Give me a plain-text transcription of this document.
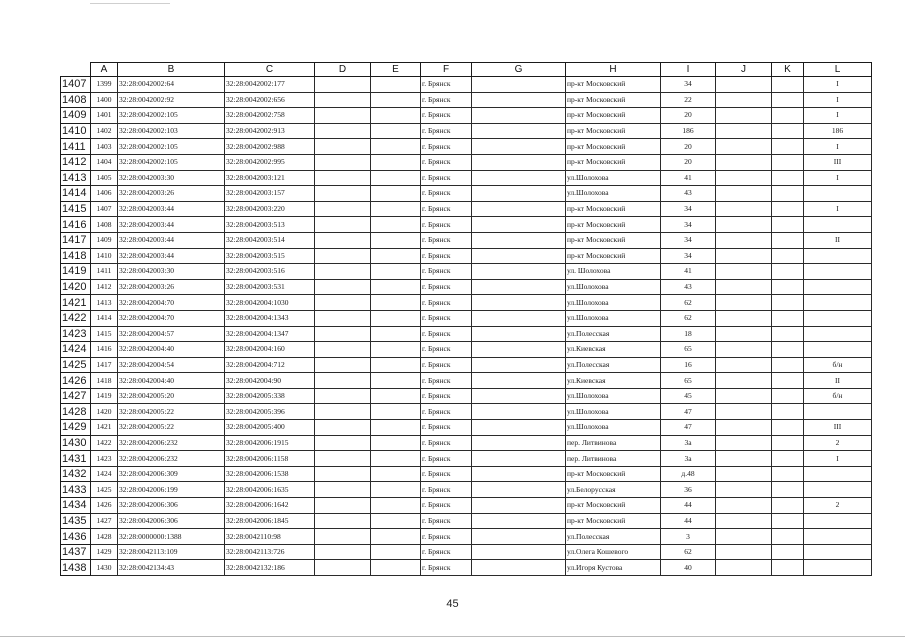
	A	B	C	D	E	F	G	H	I	J	K	L
1407	1399	32:28:0042002:64	32:28:0042002:177			г. Брянск		пр-кт Московский	34			I
1408	1400	32:28:0042002:92	32:28:0042002:656			г. Брянск		пр-кт Московский	22			I
1409	1401	32:28:0042002:105	32:28:0042002:758			г. Брянск		пр-кт Московский	20			I
1410	1402	32:28:0042002:103	32:28:0042002:913			г. Брянск		пр-кт Московский	186			186
1411	1403	32:28:0042002:105	32:28:0042002:988			г. Брянск		пр-кт Московский	20			I
1412	1404	32:28:0042002:105	32:28:0042002:995			г. Брянск		пр-кт Московский	20			III
1413	1405	32:28:0042003:30	32:28:0042003:121			г. Брянск		ул.Шолохова	41			I
1414	1406	32:28:0042003:26	32:28:0042003:157			г. Брянск		ул.Шолохова	43			
1415	1407	32:28:0042003:44	32:28:0042003:220			г. Брянск		пр-кт Московский	34			I
1416	1408	32:28:0042003:44	32:28:0042003:513			г. Брянск		пр-кт Московский	34			
1417	1409	32:28:0042003:44	32:28:0042003:514			г. Брянск		пр-кт Московский	34			II
1418	1410	32:28:0042003:44	32:28:0042003:515			г. Брянск		пр-кт Московский	34			
1419	1411	32:28:0042003:30	32:28:0042003:516			г. Брянск		ул. Шолохова	41			
1420	1412	32:28:0042003:26	32:28:0042003:531			г. Брянск		ул.Шолохова	43			
1421	1413	32:28:0042004:70	32:28:0042004:1030			г. Брянск		ул.Шолохова	62			
1422	1414	32:28:0042004:70	32:28:0042004:1343			г. Брянск		ул.Шолохова	62			
1423	1415	32:28:0042004:57	32:28:0042004:1347			г. Брянск		ул.Полесская	18			
1424	1416	32:28:0042004:40	32:28:0042004:160			г. Брянск		ул.Киевская	65			
1425	1417	32:28:0042004:54	32:28:0042004:712			г. Брянск		ул.Полесская	16			б/н
1426	1418	32:28:0042004:40	32:28:0042004:90			г. Брянск		ул.Киевская	65			II
1427	1419	32:28:0042005:20	32:28:0042005:338			г. Брянск		ул.Шолохова	45			б/н
1428	1420	32:28:0042005:22	32:28:0042005:396			г. Брянск		ул.Шолохова	47			
1429	1421	32:28:0042005:22	32:28:0042005:400			г. Брянск		ул.Шолохова	47			III
1430	1422	32:28:0042006:232	32:28:0042006:1915			г. Брянск		пер. Литвинова	3а			2
1431	1423	32:28:0042006:232	32:28:0042006:1158			г. Брянск		пер. Литвинова	3а			I
1432	1424	32:28:0042006:309	32:28:0042006:1538			г. Брянск		пр-кт Московский	д.48			
1433	1425	32:28:0042006:199	32:28:0042006:1635			г. Брянск		ул.Белорусская	36			
1434	1426	32:28:0042006:306	32:28:0042006:1642			г. Брянск		пр-кт Московский	44			2
1435	1427	32:28:0042006:306	32:28:0042006:1845			г. Брянск		пр-кт Московский	44			
1436	1428	32:28:0000000:1388	32:28:0042110:98			г. Брянск		ул.Полесская	3			
1437	1429	32:28:0042113:109	32:28:0042113:726			г. Брянск		ул.Олега Кошевого	62			
1438	1430	32:28:0042134:43	32:28:0042132:186			г. Брянск		ул.Игоря Кустова	40			
45
